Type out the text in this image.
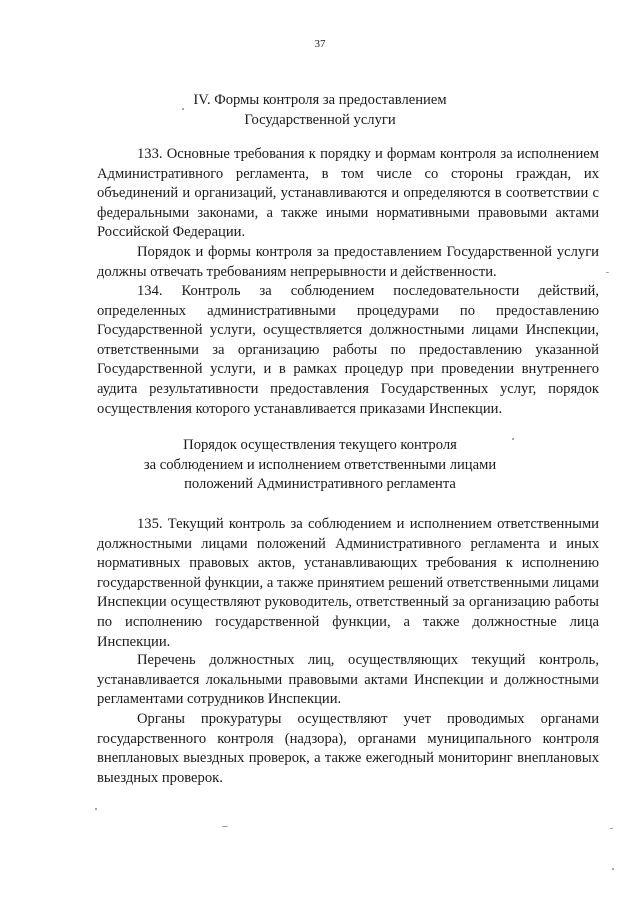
37
IV. Формы контроля за предоставлением
Государственной услуги

133. Основные требования к порядку и формам контроля за исполнением Административного регламента, в том числе со стороны граждан, их объединений и организаций, устанавливаются и определяются в соответствии с федеральными законами, а также иными нормативными правовыми актами Российской Федерации.

Порядок и формы контроля за предоставлением Государственной услуги должны отвечать требованиям непрерывности и действенности.

134. Контроль за соблюдением последовательности действий, определенных административными процедурами по предоставлению Государственной услуги, осуществляется должностными лицами Инспекции, ответственными за организацию работы по предоставлению указанной Государственной услуги, и в рамках процедур при проведении внутреннего аудита результативности предоставления Государственных услуг, порядок осуществления которого устанавливается приказами Инспекции.

Порядок осуществления текущего контроля
за соблюдением и исполнением ответственными лицами
положений Административного регламента

135. Текущий контроль за соблюдением и исполнением ответственными должностными лицами положений Административного регламента и иных нормативных правовых актов, устанавливающих требования к исполнению государственной функции, а также принятием решений ответственными лицами Инспекции осуществляют руководитель, ответственный за организацию работы по исполнению государственной функции, а также должностные лица Инспекции.

Перечень должностных лиц, осуществляющих текущий контроль, устанавливается локальными правовыми актами Инспекции и должностными регламентами сотрудников Инспекции.

Органы прокуратуры осуществляют учет проводимых органами государственного контроля (надзора), органами муниципального контроля внеплановых выездных проверок, а также ежегодный мониторинг внеплановых выездных проверок.
